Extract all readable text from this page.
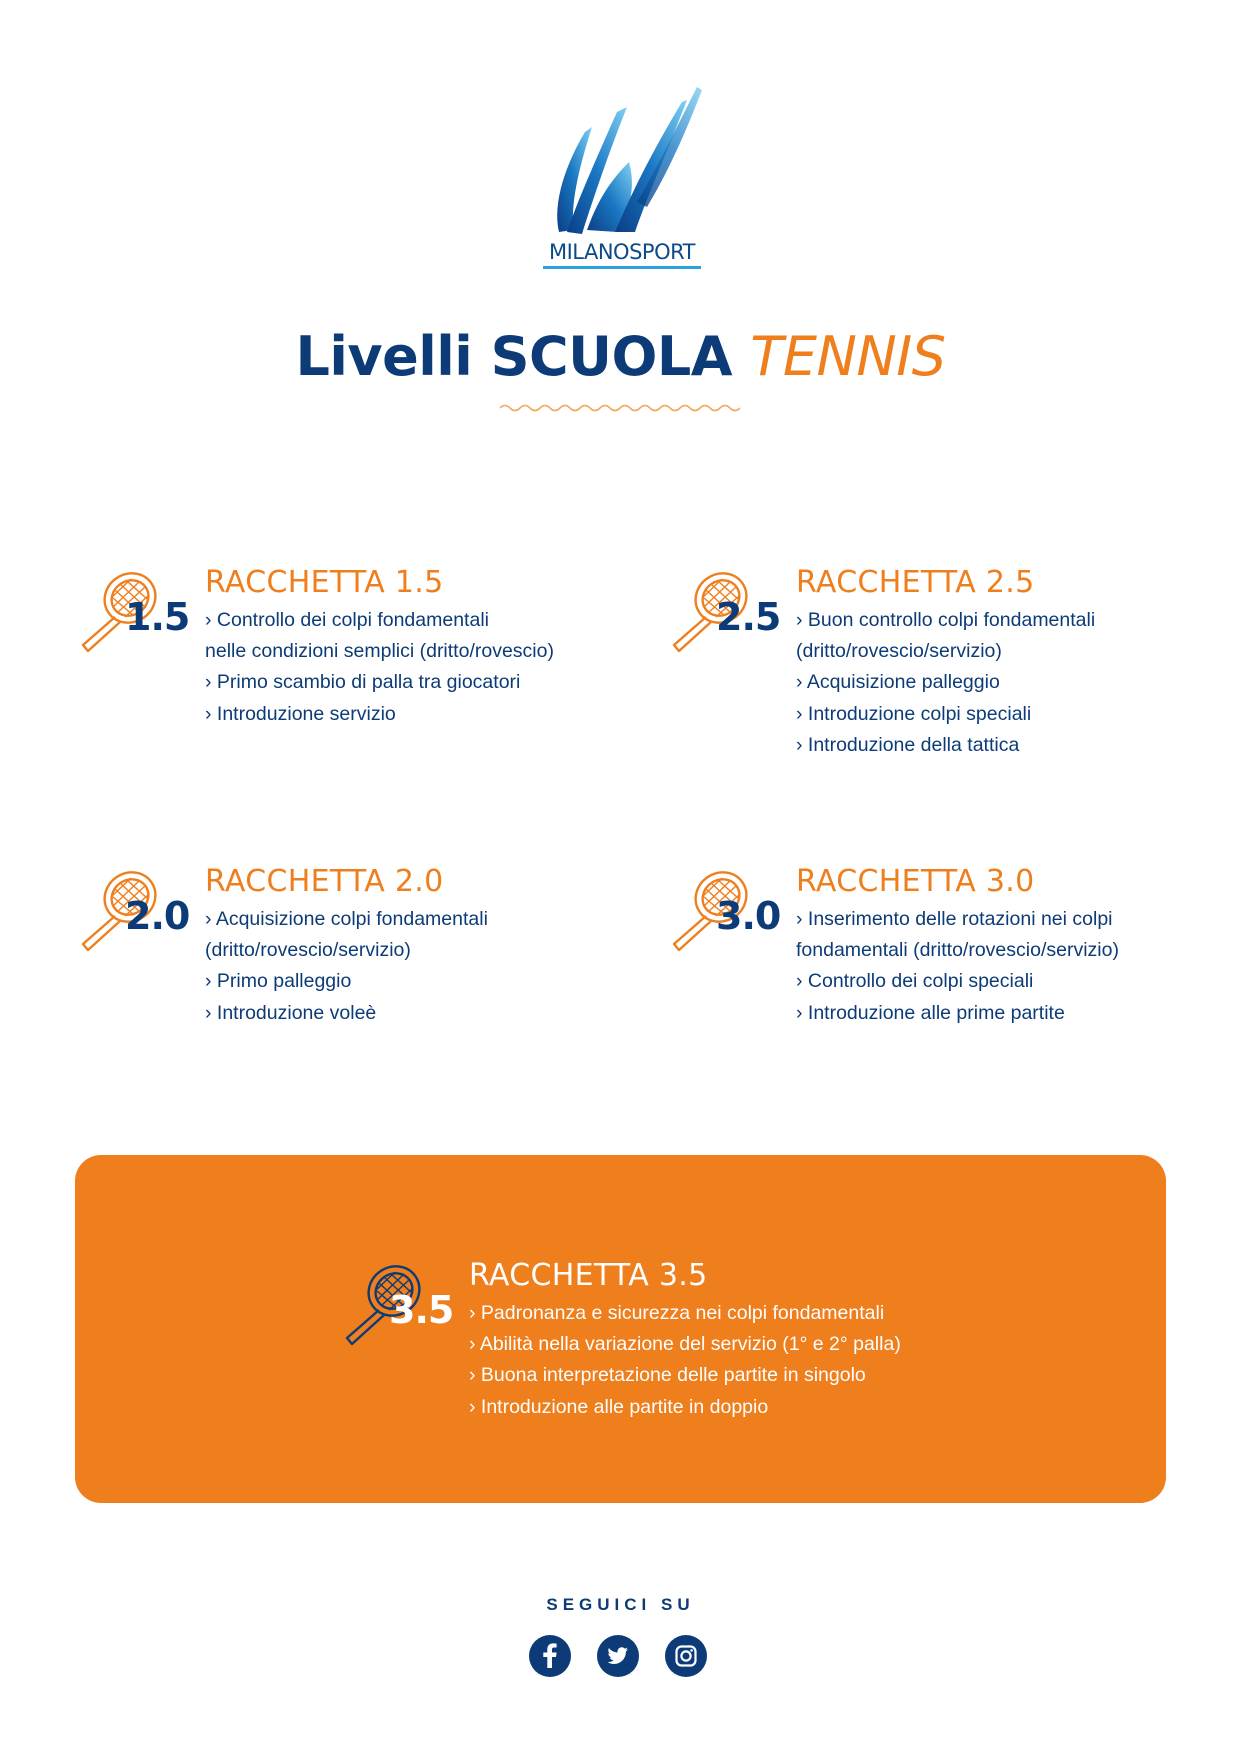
MILANOSPORT
Livelli SCUOLA TENNIS
1.5
RACCHETTA 1.5
› Controllo dei colpi fondamentali
nelle condizioni semplici (dritto/rovescio)
› Primo scambio di palla tra giocatori
› Introduzione servizio
2.5
RACCHETTA 2.5
› Buon controllo colpi fondamentali
(dritto/rovescio/servizio)
› Acquisizione palleggio
› Introduzione colpi speciali
› Introduzione della tattica
2.0
RACCHETTA 2.0
› Acquisizione colpi fondamentali
(dritto/rovescio/servizio)
› Primo palleggio
› Introduzione voleè
3.0
RACCHETTA 3.0
› Inserimento delle rotazioni nei colpi
fondamentali (dritto/rovescio/servizio)
› Controllo dei colpi speciali
› Introduzione alle prime partite
3.5
RACCHETTA 3.5
› Padronanza e sicurezza nei colpi fondamentali
› Abilità nella variazione del servizio (1° e 2° palla)
› Buona interpretazione delle partite in singolo
› Introduzione alle partite in doppio
SEGUICI SU
